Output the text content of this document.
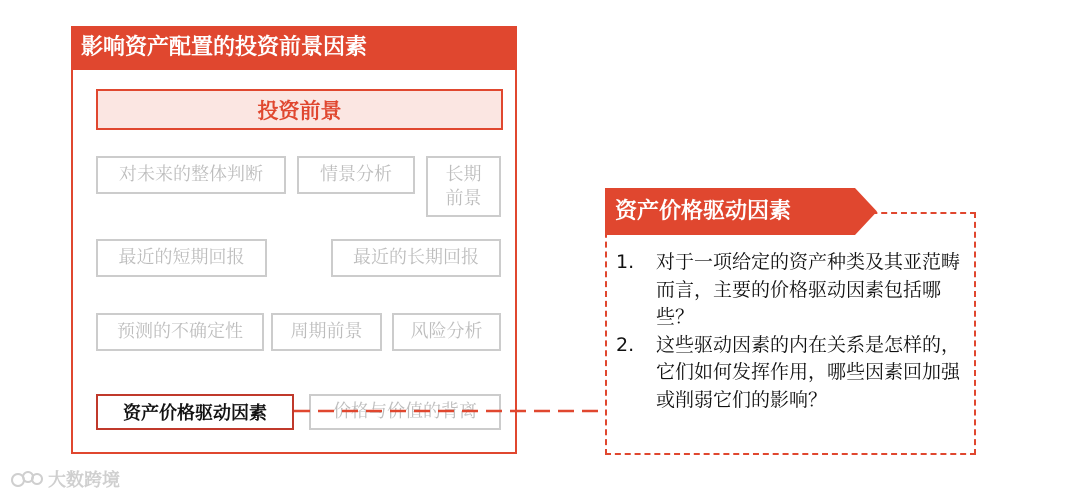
影响资产配置的投资前景因素
投资前景
对未来的整体判断	情景分析	长期前景
最近的短期回报	最近的长期回报
预测的不确定性	周期前景	风险分析
价格与价值的背离
资产价格驱动因素
资产价格驱动因素
1. 对于一项给定的资产种类及其亚范畴而言，主要的价格驱动因素包括哪些？
2. 这些驱动因素的内在关系是怎样的，它们如何发挥作用，哪些因素回加强或削弱它们的影响？
大数跨境
